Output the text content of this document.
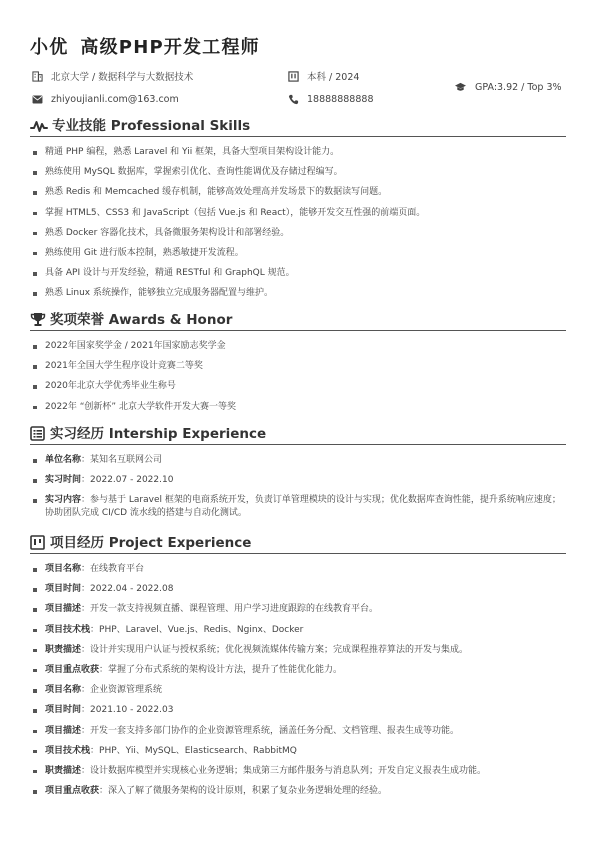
小优 高级PHP开发工程师
北京大学 / 数据科学与大数据技术	本科 / 2024
GPA:3.92 / Top 3%
zhiyoujianli.com@163.com	18888888888
专业技能 Professional Skills
精通 PHP 编程，熟悉 Laravel 和 Yii 框架，具备大型项目架构设计能力。
熟练使用 MySQL 数据库，掌握索引优化、查询性能调优及存储过程编写。
熟悉 Redis 和 Memcached 缓存机制，能够高效处理高并发场景下的数据读写问题。
掌握 HTML5、CSS3 和 JavaScript（包括 Vue.js 和 React），能够开发交互性强的前端页面。
熟悉 Docker 容器化技术，具备微服务架构设计和部署经验。
熟练使用 Git 进行版本控制，熟悉敏捷开发流程。
具备 API 设计与开发经验，精通 RESTful 和 GraphQL 规范。
熟悉 Linux 系统操作，能够独立完成服务器配置与维护。
奖项荣誉 Awards & Honor
2022年国家奖学金 / 2021年国家励志奖学金
2021年全国大学生程序设计竞赛二等奖
2020年北京大学优秀毕业生称号
2022年 “创新杯” 北京大学软件开发大赛一等奖
实习经历 Intership Experience
单位名称：某知名互联网公司
实习时间：2022.07 - 2022.10
实习内容：参与基于 Laravel 框架的电商系统开发，负责订单管理模块的设计与实现；优化数据库查询性能，提升系统响应速度；协助团队完成 CI/CD 流水线的搭建与自动化测试。
项目经历 Project Experience
项目名称：在线教育平台
项目时间：2022.04 - 2022.08
项目描述：开发一款支持视频直播、课程管理、用户学习进度跟踪的在线教育平台。
项目技术栈：PHP、Laravel、Vue.js、Redis、Nginx、Docker
职责描述：设计并实现用户认证与授权系统；优化视频流媒体传输方案；完成课程推荐算法的开发与集成。
项目重点收获：掌握了分布式系统的架构设计方法，提升了性能优化能力。
项目名称：企业资源管理系统
项目时间：2021.10 - 2022.03
项目描述：开发一套支持多部门协作的企业资源管理系统，涵盖任务分配、文档管理、报表生成等功能。
项目技术栈：PHP、Yii、MySQL、Elasticsearch、RabbitMQ
职责描述：设计数据库模型并实现核心业务逻辑；集成第三方邮件服务与消息队列；开发自定义报表生成功能。
项目重点收获：深入了解了微服务架构的设计原则，积累了复杂业务逻辑处理的经验。
